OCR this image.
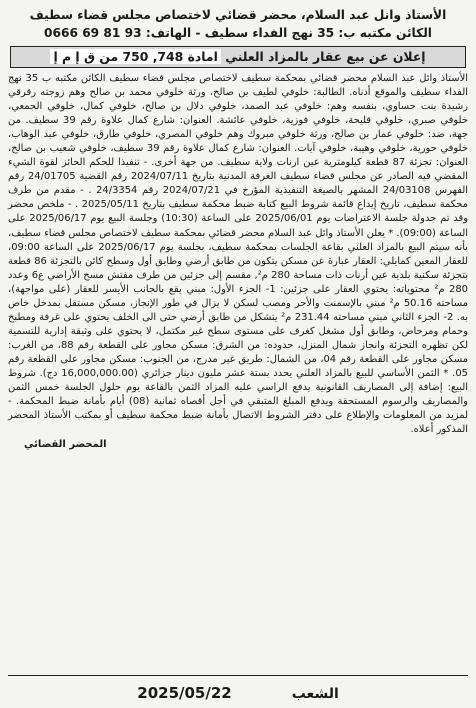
الأستاذ وانل عبد السلام، محضر قضائي لاختصاص مجلس قضاء سطيف
الكائن مكتبه ب: 35 نهج الفداء سطيف - الهاتف: 93 81 69 0666
إعلان عن بيع عقار بالمزاد العلني امادة 748, 750 من ق إ م إ

الأستاذ وائل عبد السلام محضر قضائي بمحكمة سطيف لاختصاص مجلس قضاء سطيف الكائن مكتبه ب 35 نهج الفداء سطيف والموقع أدناه. الطالبة: خلوفي لطيف بن صالح، ورثة خلوفي محمد بن صالح وهم زوجته رقرقي رشيدة بنت حساوي، بنفسه وهم: خلوفي عبد الصمد، خلوفي دلال بن صالح، خلوفي كمال، خلوفي الجمعي، خلوفي صبري، خلوفي قليحة، خلوفي فوزية، خلوفي عائشة. العنوان: شارع كمال علاوة رقم 39 سطيف. من جهة، ضد: خلوفي عمار بن صالح، ورثة خلوفي مبروك وهم خلوفي المصري، خلوفي طارق، خلوفي عبد الوهاب، خلوفي حورية، خلوفي وهيبة، خلوفي آيات. العنوان: شارع كمال علاوة رقم 39 سطيف، خلوفي شعيب بن صالح، العنوان: تجزئة 87 قطعة كيلومترية عين ارنات ولاية سطيف. من جهة أخرى. - تنفيذا للحكم الحائز لقوة الشيء المقضي فيه الصادر عن مجلس قضاء سطيف الغرفة المدنية بتاريخ 2024/07/11 رقم القضية 24/01705 رقم الفهرس 24/03108 المشهر بالصيغة التنفيذية المؤرخ في 2024/07/21 رقم 24/3354 . - مقدم من طرف محكمة سطيف، تاريخ إيداع قائمة شروط البيع كتابة ضبط محكمة سطيف بتاريخ 2025/05/11 . - ملخص محضر وقد تم جدولة جلسة الاعتراضات يوم 2025/06/01 على الساعة (10:30) وجلسة البيع يوم 2025/06/17 على الساعة (09:00). * يعلن الأستاذ وائل عبد السلام محضر قضائي بمحكمة سطيف لاختصاص مجلس قضاء سطيف، بأنه سيتم البيع بالمزاد العلني بقاعة الجلسات بمحكمة سطيف، بجلسة يوم 2025/06/17 على الساعة 09:00، للعقار المعين كمايلي: العقار عبارة عن مسكن يتكون من طابق أرضي وطابق أول وسطح كائن بالتجزئة 86 قطعة بتجزئة سكنية بلدية عين أرنات ذات مساحة 280 م², مقسم إلى جزئين من طرف مفتش مسح الأراضي ع6 وعدد 280 م² محتوياته: يحتوي العقار على جزئين: 1- الجزء الأول: مبني يقع بالجانب الأيسر للعقار (على مواجهة)، مساحته 50.16 م² مبني بالإسمنت والأجر ومصب لسكن لا يزال في طور الإنجاز، مسكن مستقل بمدخل خاص به. 2- الجزء الثاني مبني مساحته 231.44 م² يتشكل من طابق أرضي حتى الى الخلف يحتوي على غرفة ومطبخ وحمام ومرحاض، وطابق أول مشغل كغرف على مستوى سطح غير مكتمل، لا يحتوي على وثيقة إدارية للتسمية لكن تظهره التجزئة وانجاز شمال المنزل، حدوده: من الشرق: مسكن مجاور على القطعة رقم 88، من الغرب: مسكن مجاور على القطعة رقم 04، من الشمال: طريق غير مدرج، من الجنوب: مسكن مجاور على القطعة رقم 05. * الثمن الأساسي للبيع بالمزاد العلني يحدد بستة عشر مليون دينار جزائري (16,000,000.00 دج). شروط البيع: إضافة إلى المصاريف القانونية يدفع الراسي عليه المزاد الثمن بالقاعة يوم حلول الجلسة خمس الثمن والمصاريف والرسوم المستحقة ويدفع المبلغ المتبقي في أجل أقصاه ثمانية (08) أيام بأمانة ضبط المحكمة. - لمزيد من المعلومات والإطلاع على دفتر الشروط الاتصال بأمانة ضبط محكمة سطيف أو بمكتب الأستاذ المحضر المذكور أعلاه.

المحضر القضائي
الشعب
2025/05/22
